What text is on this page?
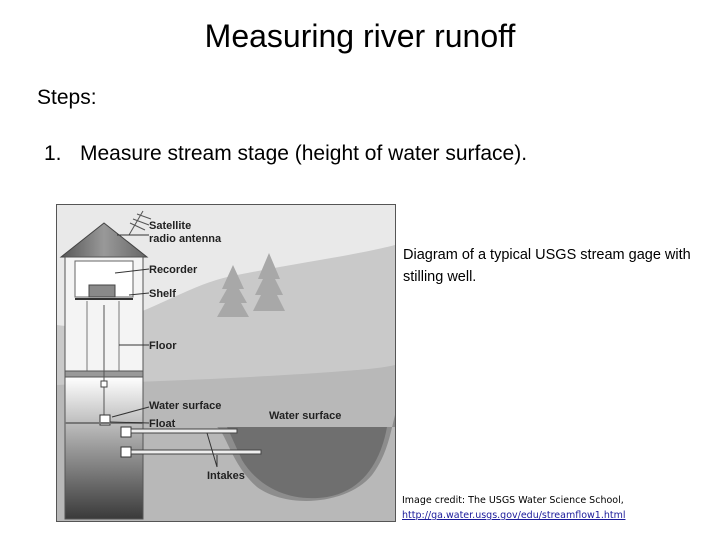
Measuring river runoff
Steps:
1. Measure stream stage (height of water surface).
Satellite
radio antenna
Recorder
Shelf
Floor
Water surface
Float
Water surface
Intakes
Diagram of a typical USGS stream gage with stilling well.
Image credit: The USGS Water Science School,
http://ga.water.usgs.gov/edu/streamflow1.html
